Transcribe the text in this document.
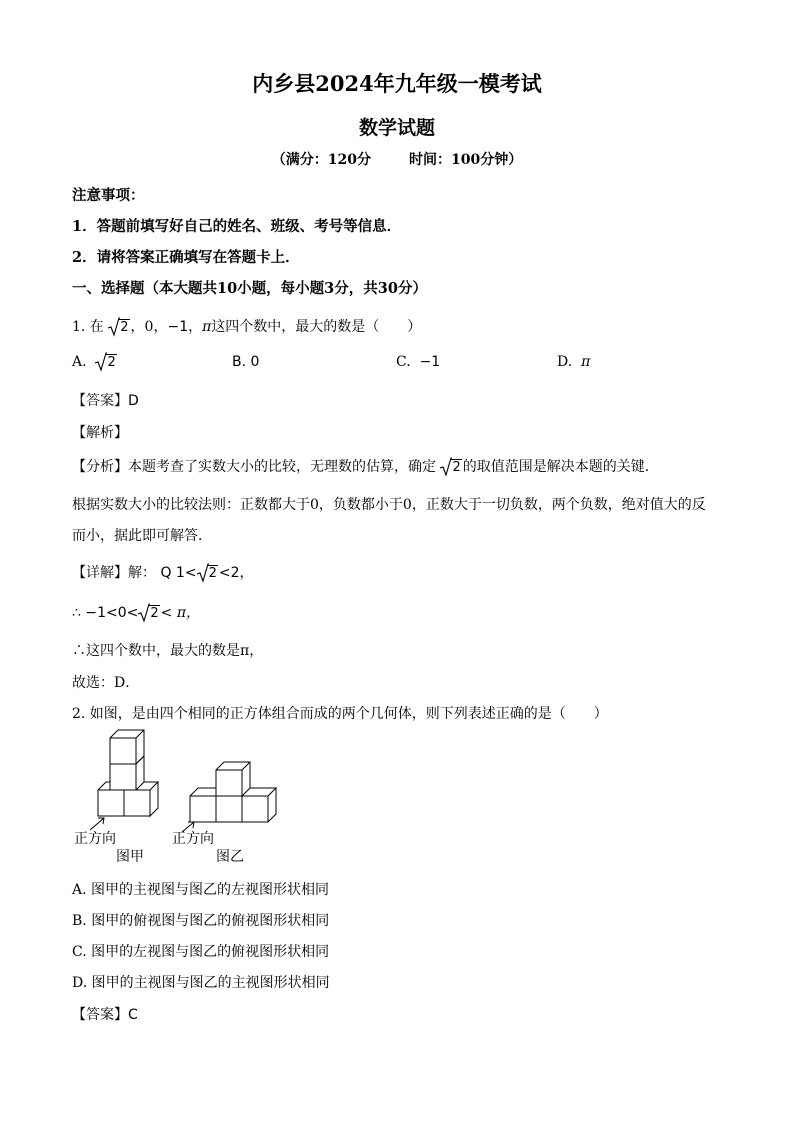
内乡县2024年九年级一模考试
数学试题
（满分：120分	时间：100分钟）
注意事项：
1．答题前填写好自己的姓名、班级、考号等信息．
2．请将答案正确填写在答题卡上．
一、选择题（本大题共10小题，每小题3分，共30分）
1. 在 2 ，0，−1，π这四个数中，最大的数是（　　）
A. 2	B. 0	C. −1	D. π
【答案】D
【解析】
【分析】本题考查了实数大小的比较，无理数的估算，确定 2 的取值范围是解决本题的关键．
根据实数大小的比较法则：正数都大于0，负数都小于0，正数大于一切负数，两个负数，绝对值大的反
而小，据此即可解答．
【详解】解： Q 1< 2 <2，
∴ −1<0< 2 < π，
∴这四个数中，最大的数是π，
故选：D．
2. 如图，是由四个相同的正方体组合而成的两个几何体，则下列表述正确的是（　　）
正方向	正方向
图甲	图乙
A. 图甲的主视图与图乙的左视图形状相同
B. 图甲的俯视图与图乙的俯视图形状相同
C. 图甲的左视图与图乙的俯视图形状相同
D. 图甲的主视图与图乙的主视图形状相同
【答案】C
